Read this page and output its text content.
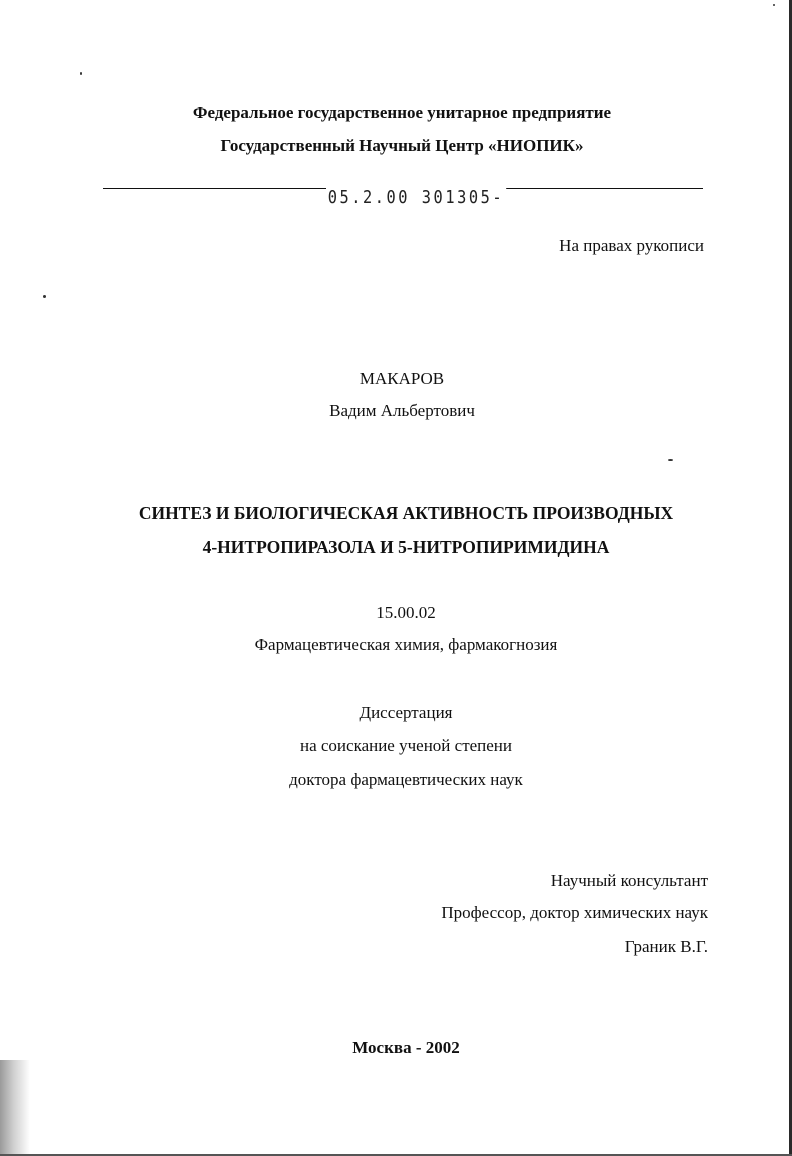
Федеральное государственное унитарное предприятие
Государственный Научный Центр «НИОПИК»
05.2.00 301305-
На правах рукописи
МАКАРОВ
Вадим Альбертович
СИНТЕЗ И БИОЛОГИЧЕСКАЯ АКТИВНОСТЬ ПРОИЗВОДНЫХ
4-НИТРОПИРАЗОЛА И 5-НИТРОПИРИМИДИНА
15.00.02
Фармацевтическая химия, фармакогнозия
Диссертация
на соискание ученой степени
доктора фармацевтических наук
Научный консультант
Профессор, доктор химических наук
Граник В.Г.
Москва - 2002
